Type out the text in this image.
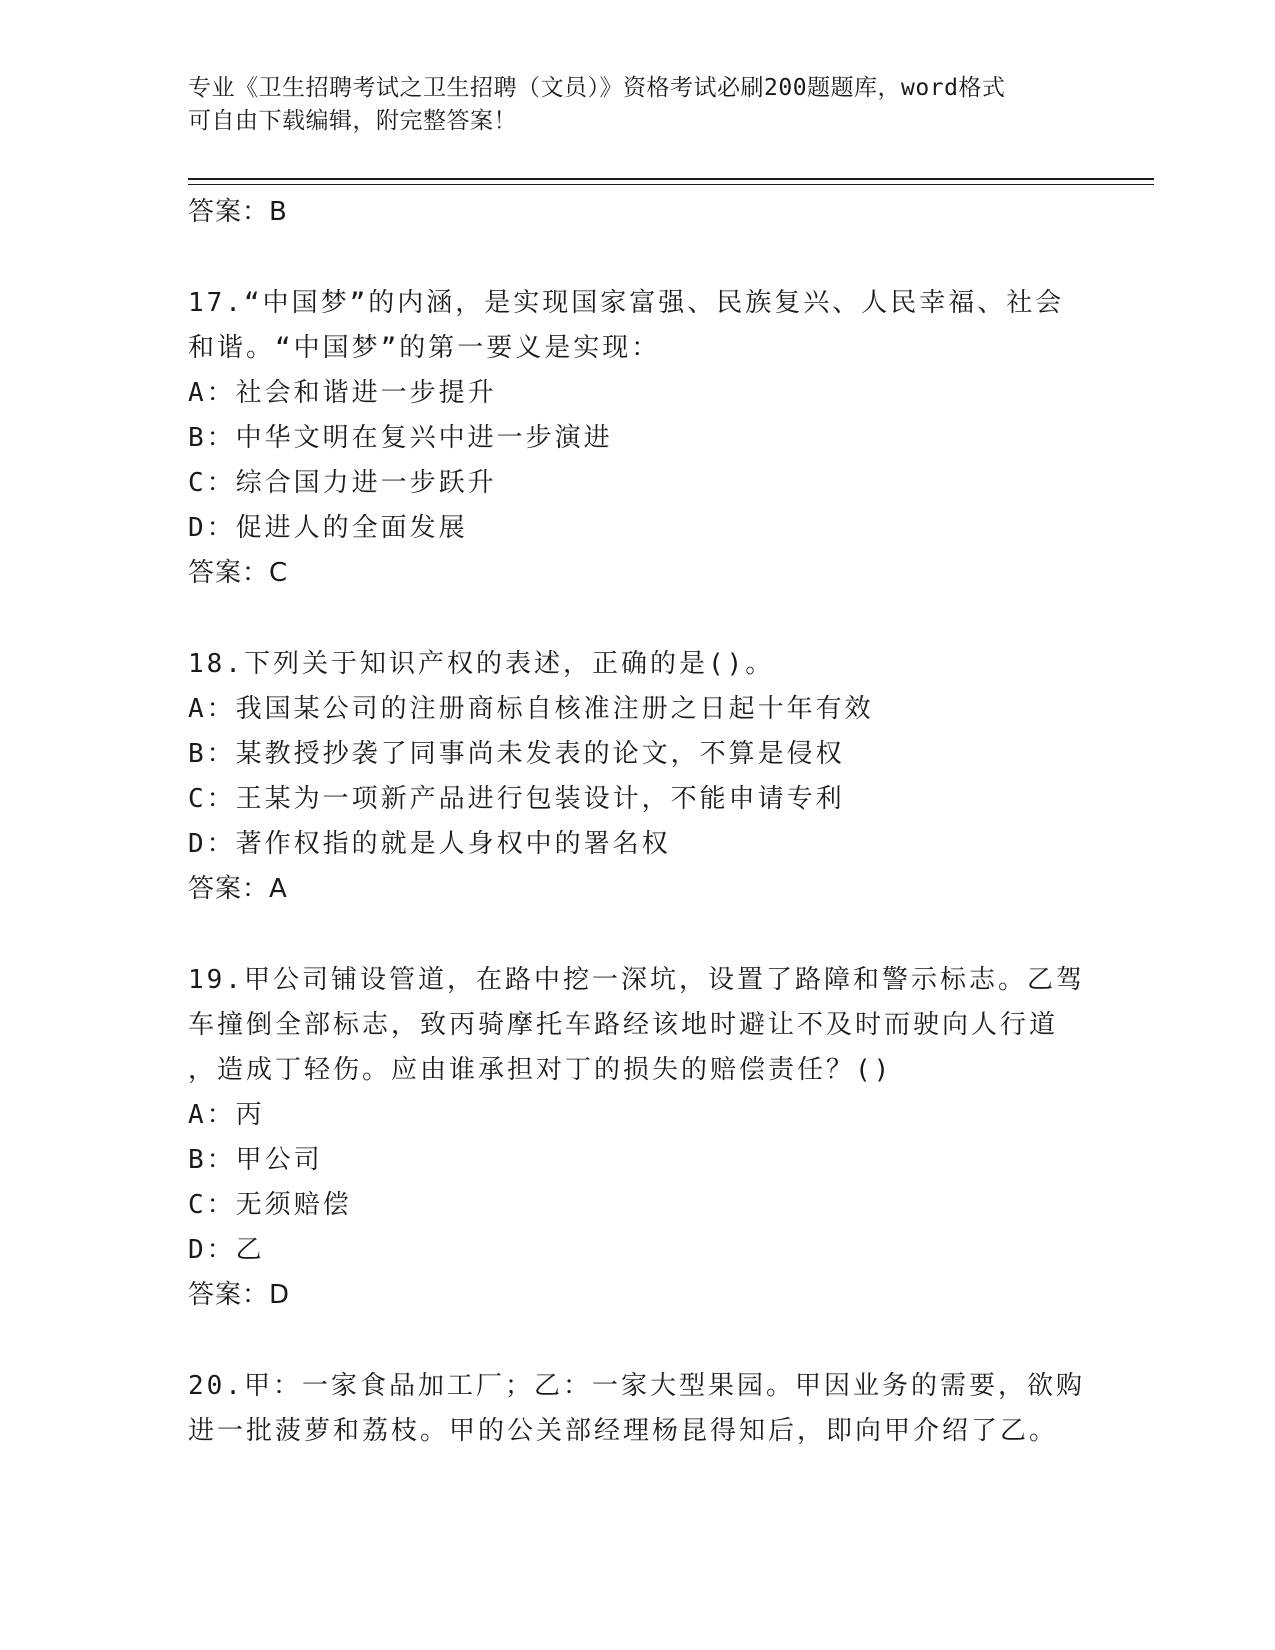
专业《卫生招聘考试之卫生招聘（文员）》资格考试必刷200题题库，word格式
可自由下载编辑，附完整答案！

答案：B

17.“中国梦”的内涵，是实现国家富强、民族复兴、人民幸福、社会
和谐。“中国梦”的第一要义是实现：

A：社会和谐进一步提升

B：中华文明在复兴中进一步演进

C：综合国力进一步跃升

D：促进人的全面发展

答案：C

18.下列关于知识产权的表述，正确的是()。

A：我国某公司的注册商标自核准注册之日起十年有效

B：某教授抄袭了同事尚未发表的论文，不算是侵权

C：王某为一项新产品进行包装设计，不能申请专利

D：著作权指的就是人身权中的署名权

答案：A

19.甲公司铺设管道，在路中挖一深坑，设置了路障和警示标志。乙驾
车撞倒全部标志，致丙骑摩托车路经该地时避让不及时而驶向人行道
，造成丁轻伤。应由谁承担对丁的损失的赔偿责任？()

A：丙

B：甲公司

C：无须赔偿

D：乙

答案：D

20.甲：一家食品加工厂；乙：一家大型果园。甲因业务的需要，欲购
进一批菠萝和荔枝。甲的公关部经理杨昆得知后，即向甲介绍了乙。
